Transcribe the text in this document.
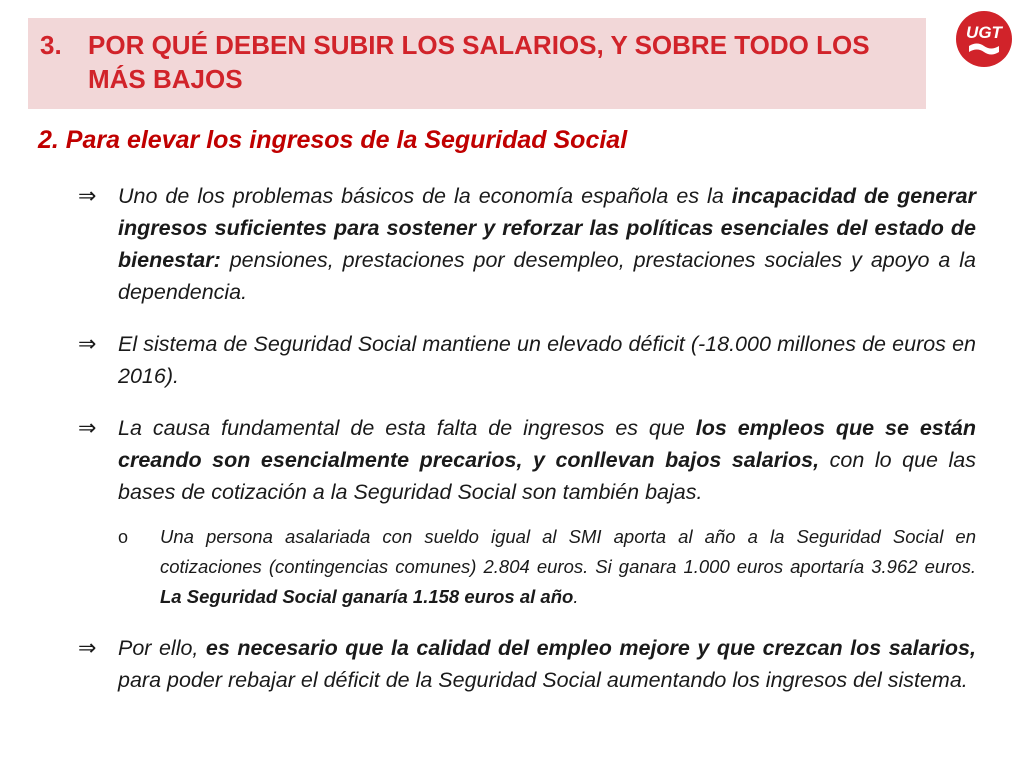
3.	POR QUÉ DEBEN SUBIR LOS SALARIOS, Y SOBRE TODO LOS MÁS BAJOS
UGT
2. Para elevar los ingresos de la Seguridad Social
⇒	Uno de los problemas básicos de la economía española es la incapacidad de generar ingresos suficientes para sostener y reforzar las políticas esenciales del estado de bienestar: pensiones, prestaciones por desempleo, prestaciones sociales y apoyo a la dependencia.
⇒	El sistema de Seguridad Social mantiene un elevado déficit (-18.000 millones de euros en 2016).
⇒	La causa fundamental de esta falta de ingresos es que los empleos que se están creando son esencialmente precarios, y conllevan bajos salarios, con lo que las bases de cotización a la Seguridad Social son también bajas.
o	Una persona asalariada con sueldo igual al SMI aporta al año a la Seguridad Social en cotizaciones (contingencias comunes) 2.804 euros. Si ganara 1.000 euros aportaría 3.962 euros. La Seguridad Social ganaría 1.158 euros al año.
⇒	Por ello, es necesario que la calidad del empleo mejore y que crezcan los salarios, para poder rebajar el déficit de la Seguridad Social aumentando los ingresos del sistema.
